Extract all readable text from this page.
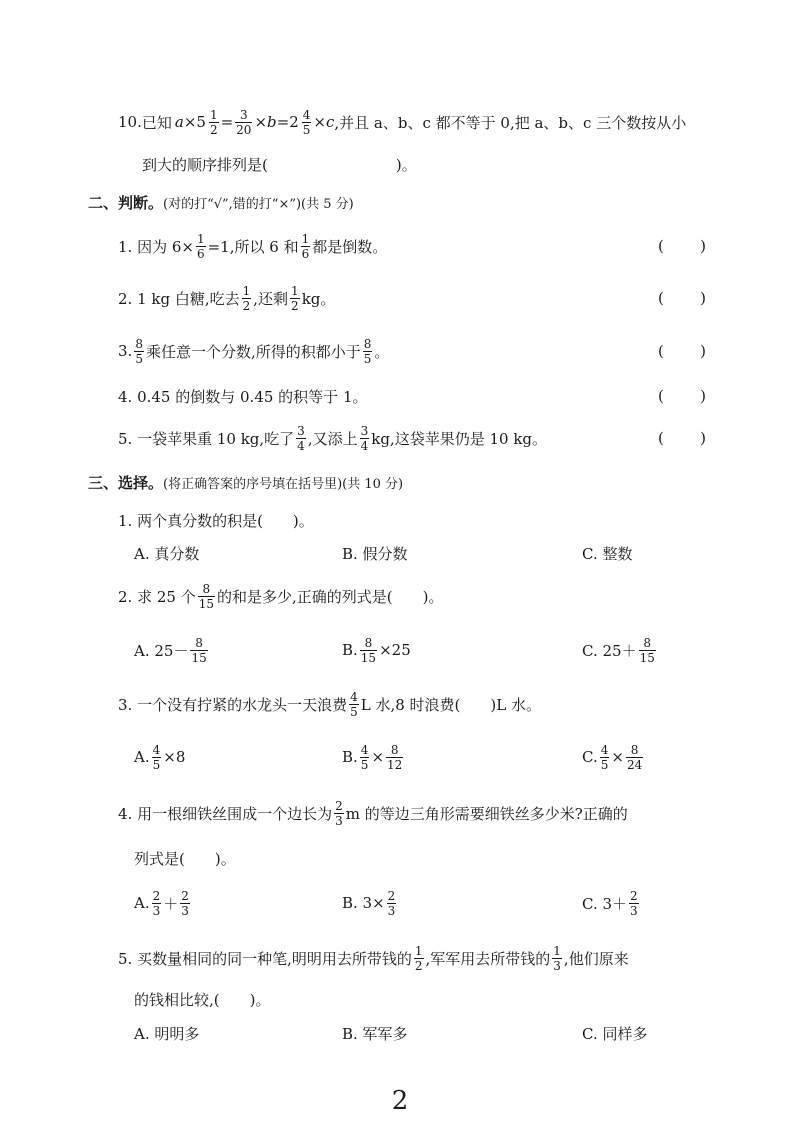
10. 已知 $a \times 5 \frac{1}{2} = \frac{3}{20} \times b = 2 \frac{4}{5} \times c$ ,并且 a、b、c 都不等于 0,把 a、b、c 三个数按从小
到大的顺序排列是(	)。
二、判断。 (对的打“√”,错的打“×”)(共 5 分)
1. 因为 $6\times \frac{1}{6} =1$,所以 6 和 $\frac{1}{6}$ 都是倒数。	( )
2. 1 kg 白糖,吃去 $\frac{1}{2}$ ,还剩 $\frac{1}{2}$ kg。	( )
3. $\frac{8}{5}$ 乘任意一个分数,所得的积都小于 $\frac{8}{5}$ 。	( )
4. 0.45 的倒数与 0.45 的积等于 1。	( )
5. 一袋苹果重 10 kg,吃了 $\frac{3}{4}$ ,又添上 $\frac{3}{4}$ kg,这袋苹果仍是 10 kg。	( )
三、选择。 (将正确答案的序号填在括号里)(共 10 分)
1. 两个真分数的积是(　　)。
A. 真分数	B. 假分数	C. 整数
2. 求 25 个 $\frac{8}{15}$ 的和是多少,正确的列式是(　　)。
A. $25- \frac{8}{15}$	B. $\frac{8}{15} \times 25$	C. $25+ \frac{8}{15}$
3. 一个没有拧紧的水龙头一天浪费 $\frac{4}{5}$ L 水,8 时浪费(　　)L 水。
A. $\frac{4}{5} \times 8$	B. $\frac{4}{5} \times \frac{8}{12}$	C. $\frac{4}{5} \times \frac{8}{24}$
4. 用一根细铁丝围成一个边长为 $\frac{2}{3}$ m 的等边三角形需要细铁丝多少米?正确的
列式是(　　)。
A. $\frac{2}{3} + \frac{2}{3}$	B. $3\times \frac{2}{3}$	C. $3+ \frac{2}{3}$
5. 买数量相同的同一种笔,明明用去所带钱的 $\frac{1}{2}$ ,军军用去所带钱的 $\frac{1}{3}$ ,他们原来
的钱相比较,(　　)。
A. 明明多	B. 军军多	C. 同样多
2
